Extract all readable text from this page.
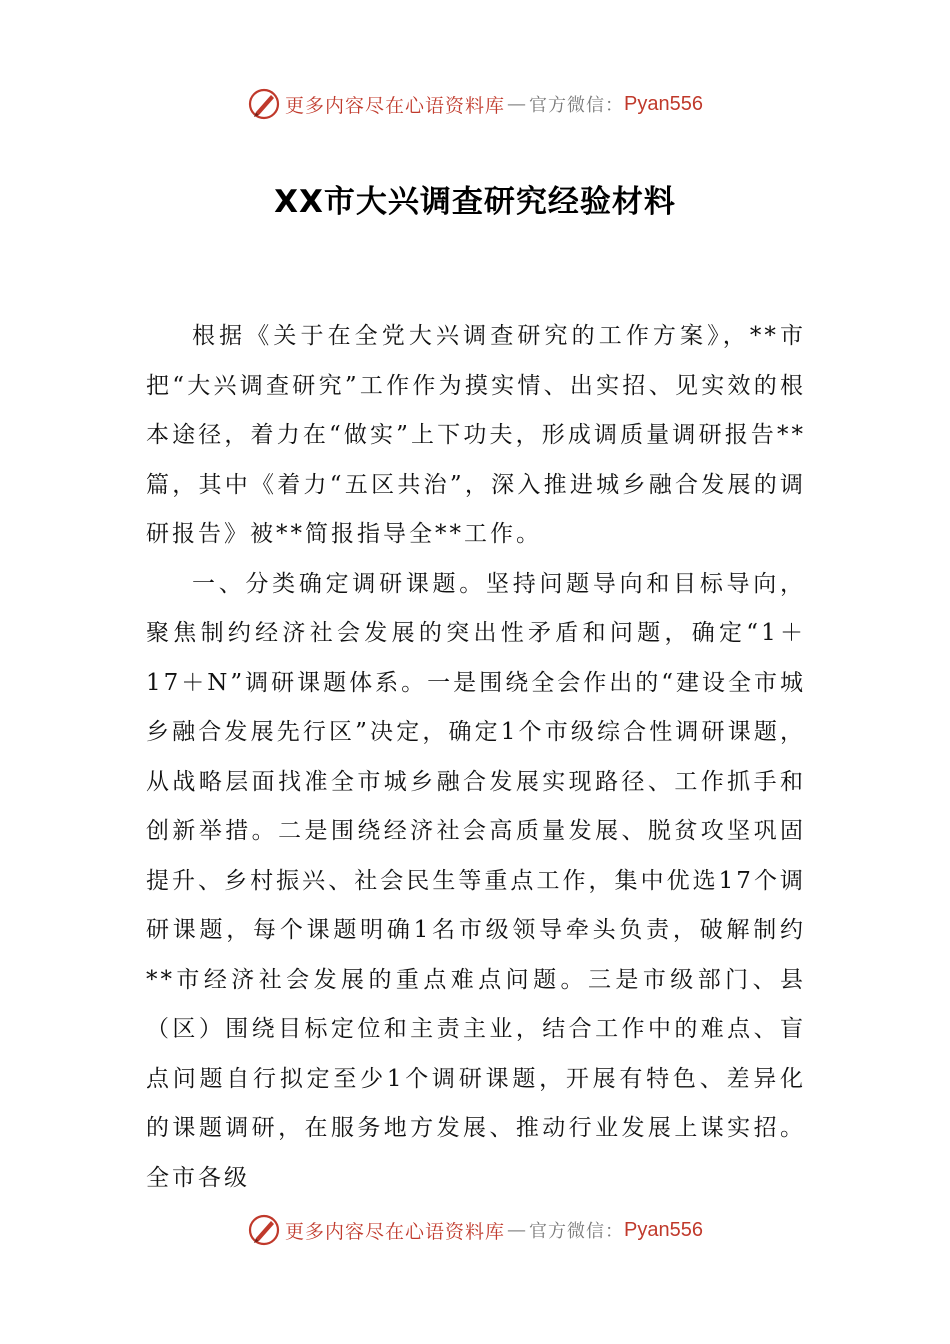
更多内容尽在心语资料库 — 官方微信： Pyan556
XX市大兴调查研究经验材料

根据《关于在全党大兴调查研究的工作方案》，**市把“大兴调查研究”工作作为摸实情、出实招、见实效的根本途径，着力在“做实”上下功夫，形成调质量调研报告**篇，其中《着力“五区共治”，深入推进城乡融合发展的调研报告》被**简报指导全**工作。

一、分类确定调研课题。坚持问题导向和目标导向，聚焦制约经济社会发展的突出性矛盾和问题，确定“1＋17＋N”调研课题体系。一是围绕全会作出的“建设全市城乡融合发展先行区”决定，确定1个市级综合性调研课题，从战略层面找准全市城乡融合发展实现路径、工作抓手和创新举措。二是围绕经济社会高质量发展、脱贫攻坚巩固提升、乡村振兴、社会民生等重点工作，集中优选17个调研课题，每个课题明确1名市级领导牵头负责，破解制约**市经济社会发展的重点难点问题。三是市级部门、县（区）围绕目标定位和主责主业，结合工作中的难点、盲点问题自行拟定至少1个调研课题，开展有特色、差异化的课题调研，在服务地方发展、推动行业发展上谋实招。全市各级

更多内容尽在心语资料库 — 官方微信： Pyan556
